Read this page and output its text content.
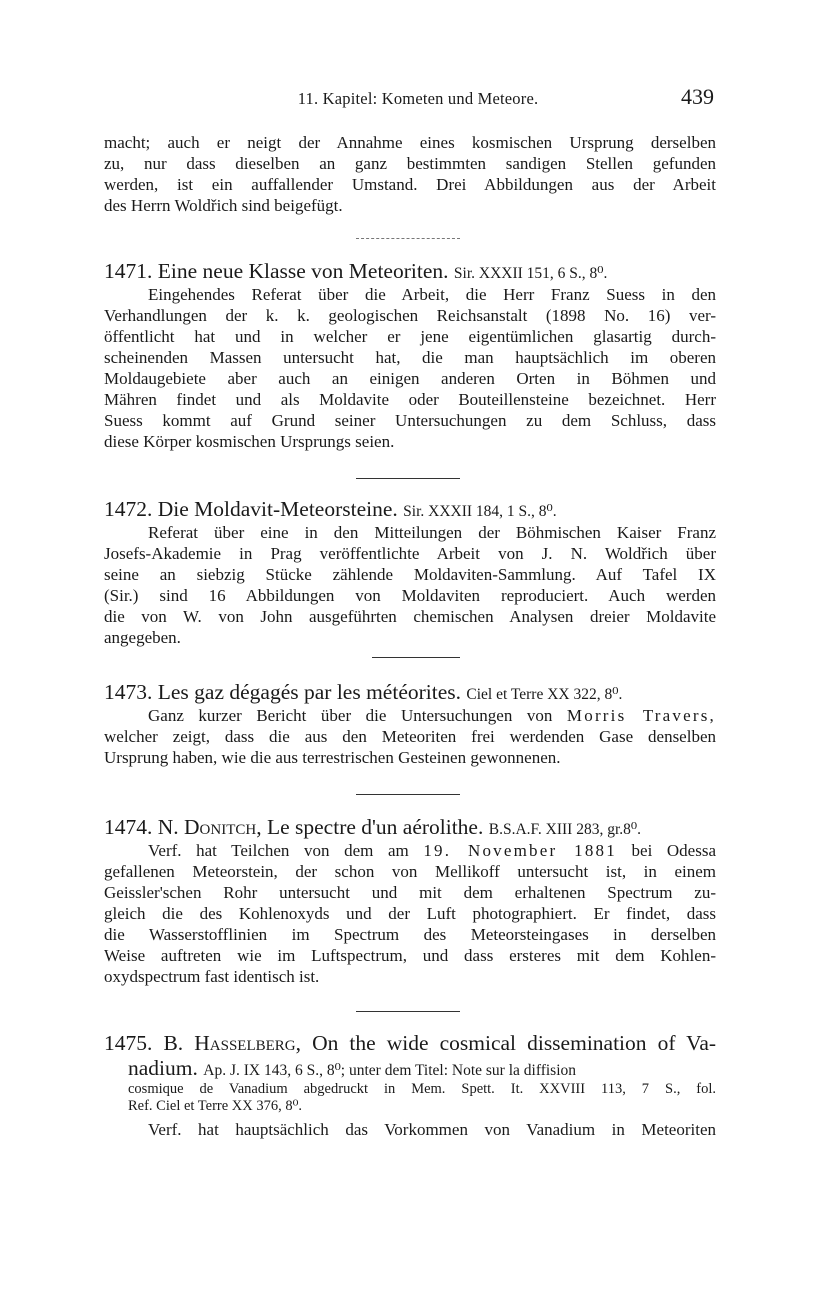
11. Kapitel: Kometen und Meteore.	439
macht; auch er neigt der Annahme eines kosmischen Ursprung derselben
zu, nur dass dieselben an ganz bestimmten sandigen Stellen gefunden
werden, ist ein auffallender Umstand. Drei Abbildungen aus der Arbeit
des Herrn Woldřich sind beigefügt.
1471. Eine neue Klasse von Meteoriten. Sir. XXXII 151, 6 S., 8⁰.
Eingehendes Referat über die Arbeit, die Herr Franz Suess in den
Verhandlungen der k. k. geologischen Reichsanstalt (1898 No. 16) ver-
öffentlicht hat und in welcher er jene eigentümlichen glasartig durch-
scheinenden Massen untersucht hat, die man hauptsächlich im oberen
Moldaugebiete aber auch an einigen anderen Orten in Böhmen und
Mähren findet und als Moldavite oder Bouteillensteine bezeichnet. Herr
Suess kommt auf Grund seiner Untersuchungen zu dem Schluss, dass
diese Körper kosmischen Ursprungs seien.
1472. Die Moldavit-Meteorsteine. Sir. XXXII 184, 1 S., 8⁰.
Referat über eine in den Mitteilungen der Böhmischen Kaiser Franz
Josefs-Akademie in Prag veröffentlichte Arbeit von J. N. Woldřich über
seine an siebzig Stücke zählende Moldaviten-Sammlung. Auf Tafel IX
(Sir.) sind 16 Abbildungen von Moldaviten reproduciert. Auch werden
die von W. von John ausgeführten chemischen Analysen dreier Moldavite
angegeben.
1473. Les gaz dégagés par les météorites. Ciel et Terre XX 322, 8⁰.
Ganz kurzer Bericht über die Untersuchungen von Morris Travers,
welcher zeigt, dass die aus den Meteoriten frei werdenden Gase denselben
Ursprung haben, wie die aus terrestrischen Gesteinen gewonnenen.
1474. N. Donitch, Le spectre d'un aérolithe. B.S.A.F. XIII 283, gr.8⁰.
Verf. hat Teilchen von dem am 19. November 1881 bei Odessa
gefallenen Meteorstein, der schon von Mellikoff untersucht ist, in einem
Geissler'schen Rohr untersucht und mit dem erhaltenen Spectrum zu-
gleich die des Kohlenoxyds und der Luft photographiert. Er findet, dass
die Wasserstofflinien im Spectrum des Meteorsteingases in derselben
Weise auftreten wie im Luftspectrum, und dass ersteres mit dem Kohlen-
oxydspectrum fast identisch ist.
1475. B. Hasselberg, On the wide cosmical dissemination of Va-
nadium. Ap. J. IX 143, 6 S., 8⁰; unter dem Titel: Note sur la diffision
cosmique de Vanadium abgedruckt in Mem. Spett. It. XXVIII 113, 7 S., fol.
Ref. Ciel et Terre XX 376, 8⁰.
Verf. hat hauptsächlich das Vorkommen von Vanadium in Meteoriten
